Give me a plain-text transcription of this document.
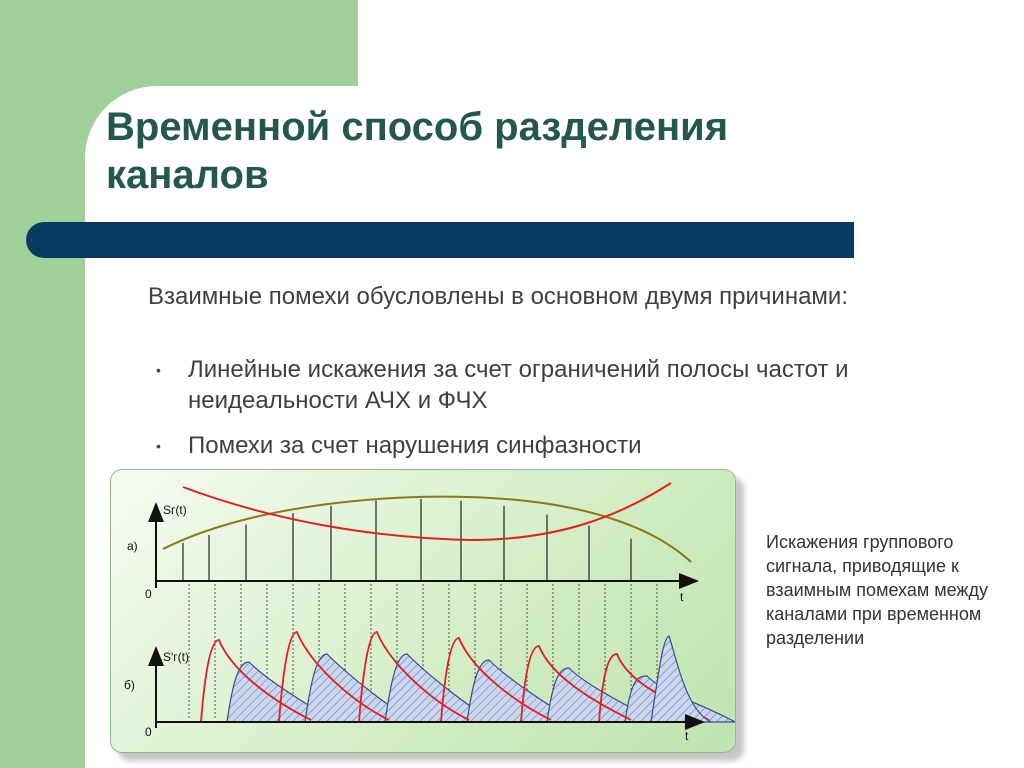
Временной способ разделения каналов

Взаимные помехи обусловлены в основном двумя причинами:

• Линейные искажения за счет ограничений полосы частот и неидеальности АЧХ и ФЧХ

• Помехи за счет нарушения синфазности

Sг(t)
а)
0	t
S'г(t)
б)
0	t

Искажения группового сигнала, приводящие к взаимным помехам между каналами при временном разделении
